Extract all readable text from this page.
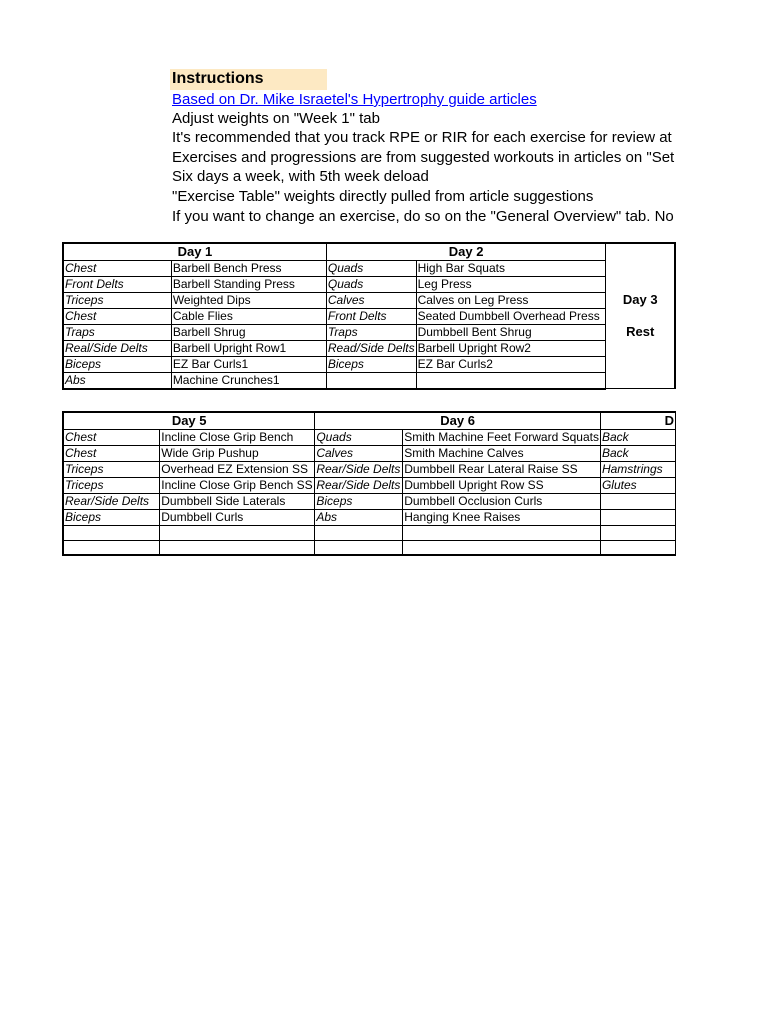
Instructions
Based on Dr. Mike Israetel's Hypertrophy guide articles
Adjust weights on "Week 1" tab
It's recommended that you track RPE or RIR for each exercise for review at
Exercises and progressions are from suggested workouts in articles on "Set
Six days a week, with 5th week deload
"Exercise Table" weights directly pulled from article suggestions
If you want to change an exercise, do so on the "General Overview" tab. No
Day 1		Day 2		Day 3
Rest

Chest	Barbell Bench Press	Quads	High Bar Squats	
Front Delts	Barbell Standing Press	Quads	Leg Press	
Triceps	Weighted Dips	Calves	Calves on Leg Press	
Chest	Cable Flies	Front Delts	Seated Dumbbell Overhead Press	
Traps	Barbell Shrug	Traps	Dumbbell Bent Shrug	
Real/Side Delts	Barbell Upright Row1	Read/Side Delts	Barbell Upright Row2	
Biceps	EZ Bar Curls1	Biceps	EZ Bar Curls2	
Abs	Machine Crunches1			
Day 5		Day 6		D
Chest	Incline Close Grip Bench	Quads	Smith Machine Feet Forward Squats	Back
Chest	Wide Grip Pushup	Calves	Smith Machine Calves	Back
Triceps	Overhead EZ Extension SS	Rear/Side Delts	Dumbbell Rear Lateral Raise SS	Hamstrings
Triceps	Incline Close Grip Bench SS	Rear/Side Delts	Dumbbell Upright Row SS	Glutes
Rear/Side Delts	Dumbbell Side Laterals	Biceps	Dumbbell Occlusion Curls	
Biceps	Dumbbell Curls	Abs	Hanging Knee Raises	
